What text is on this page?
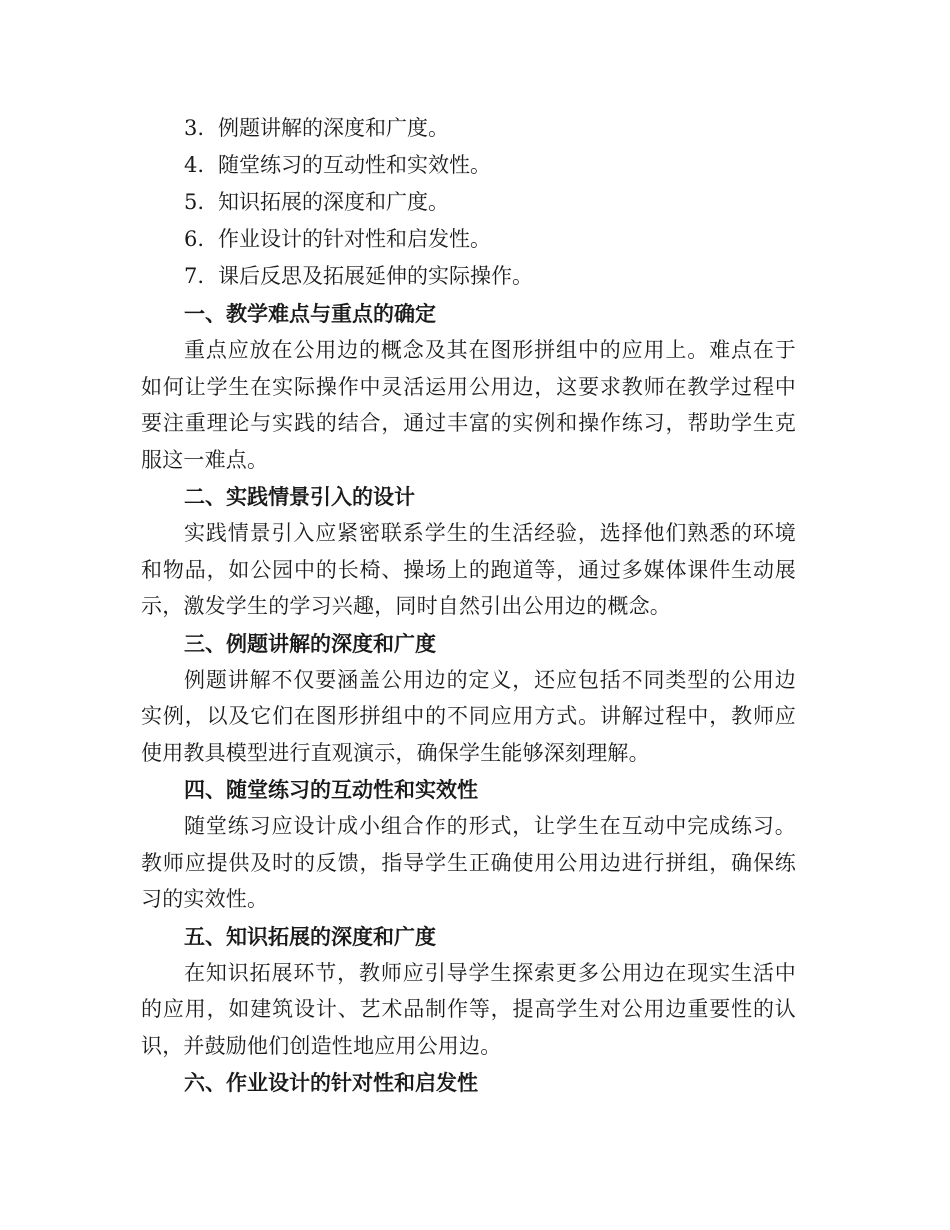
3. 例题讲解的深度和广度。
4. 随堂练习的互动性和实效性。
5. 知识拓展的深度和广度。
6. 作业设计的针对性和启发性。
7. 课后反思及拓展延伸的实际操作。
一、教学难点与重点的确定

重点应放在公用边的概念及其在图形拼组中的应用上。难点在于如何让学生在实际操作中灵活运用公用边，这要求教师在教学过程中要注重理论与实践的结合，通过丰富的实例和操作练习，帮助学生克服这一难点。

二、实践情景引入的设计

实践情景引入应紧密联系学生的生活经验，选择他们熟悉的环境和物品，如公园中的长椅、操场上的跑道等，通过多媒体课件生动展示，激发学生的学习兴趣，同时自然引出公用边的概念。

三、例题讲解的深度和广度

例题讲解不仅要涵盖公用边的定义，还应包括不同类型的公用边实例，以及它们在图形拼组中的不同应用方式。讲解过程中，教师应使用教具模型进行直观演示，确保学生能够深刻理解。

四、随堂练习的互动性和实效性

随堂练习应设计成小组合作的形式，让学生在互动中完成练习。教师应提供及时的反馈，指导学生正确使用公用边进行拼组，确保练习的实效性。

五、知识拓展的深度和广度

在知识拓展环节，教师应引导学生探索更多公用边在现实生活中的应用，如建筑设计、艺术品制作等，提高学生对公用边重要性的认识，并鼓励他们创造性地应用公用边。

六、作业设计的针对性和启发性
